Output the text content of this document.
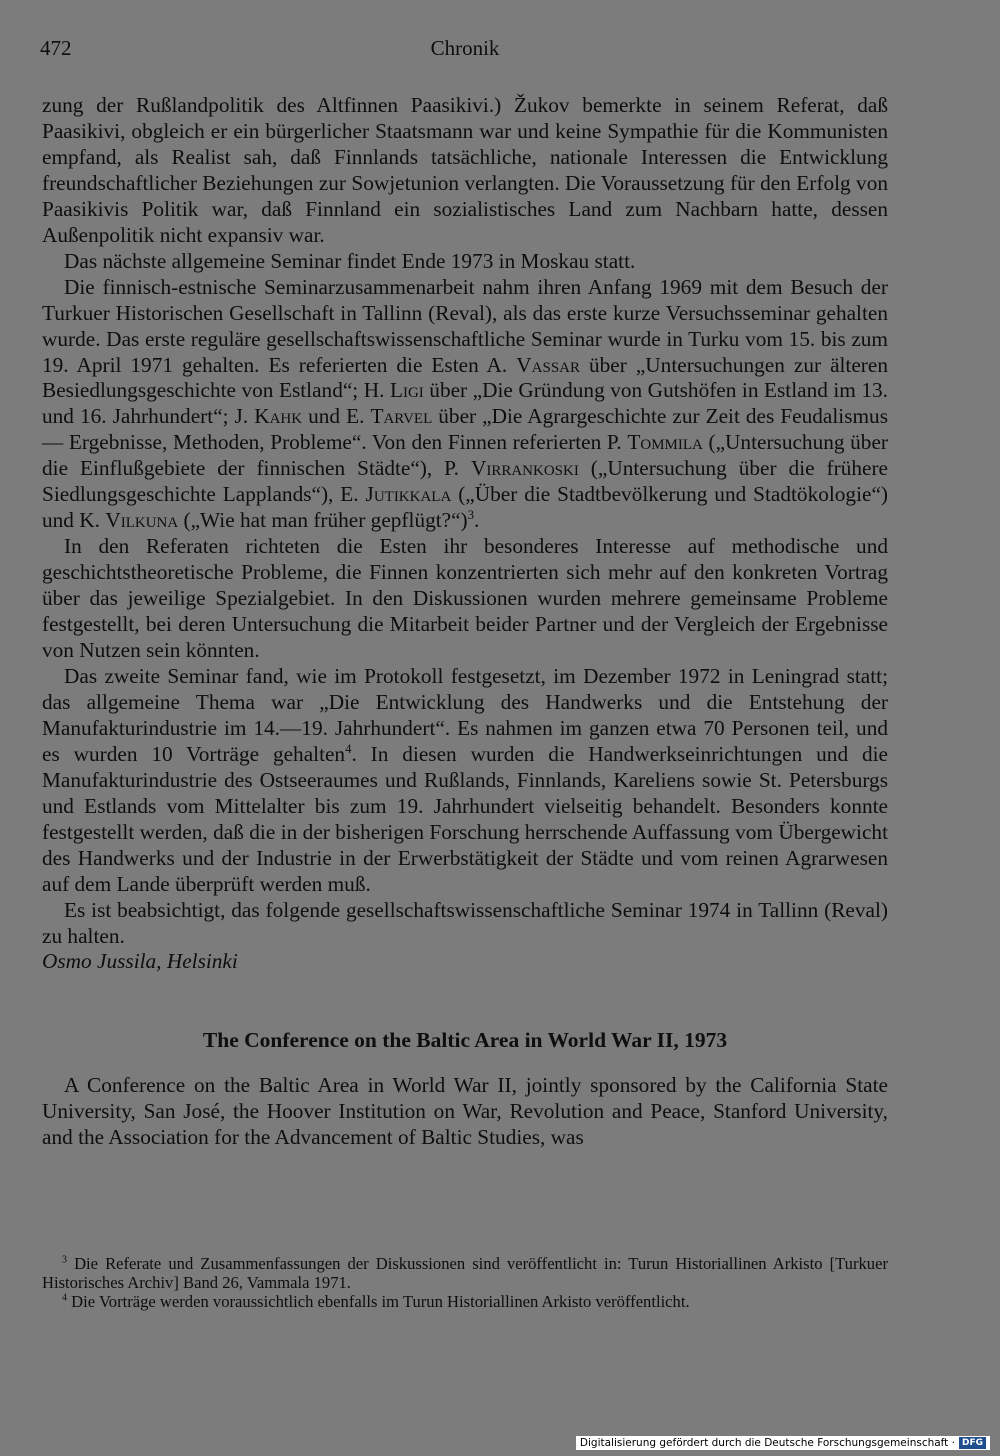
472	Chronik

zung der Rußlandpolitik des Altfinnen Paasikivi.) Žukov bemerkte in seinem Referat, daß Paasikivi, obgleich er ein bürgerlicher Staatsmann war und keine Sympathie für die Kommunisten empfand, als Realist sah, daß Finnlands tatsächliche, nationale Interessen die Entwicklung freundschaftlicher Beziehungen zur Sowjetunion verlangten. Die Voraussetzung für den Erfolg von Paasikivis Politik war, daß Finnland ein sozialistisches Land zum Nachbarn hatte, dessen Außenpolitik nicht expansiv war.

Das nächste allgemeine Seminar findet Ende 1973 in Moskau statt.

Die finnisch-estnische Seminarzusammenarbeit nahm ihren Anfang 1969 mit dem Besuch der Turkuer Historischen Gesellschaft in Tallinn (Reval), als das erste kurze Versuchsseminar gehalten wurde. Das erste reguläre gesellschaftswissenschaftliche Seminar wurde in Turku vom 15. bis zum 19. April 1971 gehalten. Es referierten die Esten A. Vassar über „Untersuchungen zur älteren Besiedlungsgeschichte von Estland“; H. Ligi über „Die Gründung von Gutshöfen in Estland im 13. und 16. Jahrhundert“; J. Kahk und E. Tarvel über „Die Agrargeschichte zur Zeit des Feudalismus — Ergebnisse, Methoden, Probleme“. Von den Finnen referierten P. Tommila („Untersuchung über die Einflußgebiete der finnischen Städte“), P. Virrankoski („Untersuchung über die frühere Siedlungsgeschichte Lapplands“), E. Jutikkala („Über die Stadtbevölkerung und Stadtökologie“) und K. Vilkuna („Wie hat man früher gepflügt?“)$^3$.

In den Referaten richteten die Esten ihr besonderes Interesse auf methodische und geschichtstheoretische Probleme, die Finnen konzentrierten sich mehr auf den konkreten Vortrag über das jeweilige Spezialgebiet. In den Diskussionen wurden mehrere gemeinsame Probleme festgestellt, bei deren Untersuchung die Mitarbeit beider Partner und der Vergleich der Ergebnisse von Nutzen sein könnten.

Das zweite Seminar fand, wie im Protokoll festgesetzt, im Dezember 1972 in Leningrad statt; das allgemeine Thema war „Die Entwicklung des Handwerks und die Entstehung der Manufakturindustrie im 14.—19. Jahrhundert“. Es nahmen im ganzen etwa 70 Personen teil, und es wurden 10 Vorträge gehalten$^4$. In diesen wurden die Handwerkseinrichtungen und die Manufakturindustrie des Ostseeraumes und Rußlands, Finnlands, Kareliens sowie St. Petersburgs und Estlands vom Mittelalter bis zum 19. Jahrhundert vielseitig behandelt. Besonders konnte festgestellt werden, daß die in der bisherigen Forschung herrschende Auffassung vom Übergewicht des Handwerks und der Industrie in der Erwerbstätigkeit der Städte und vom reinen Agrarwesen auf dem Lande überprüft werden muß.

Es ist beabsichtigt, das folgende gesellschaftswissenschaftliche Seminar 1974 in Tallinn (Reval) zu halten.

Osmo Jussila, Helsinki

The Conference on the Baltic Area in World War II, 1973

A Conference on the Baltic Area in World War II, jointly sponsored by the California State University, San José, the Hoover Institution on War, Revolution and Peace, Stanford University, and the Association for the Advancement of Baltic Studies, was

$^3$ Die Referate und Zusammenfassungen der Diskussionen sind veröffentlicht in: Turun Historiallinen Arkisto [Turkuer Historisches Archiv] Band 26, Vammala 1971.

$^4$ Die Vorträge werden voraussichtlich ebenfalls im Turun Historiallinen Arkisto veröffentlicht.

Digitalisierung gefördert durch die Deutsche Forschungsgemeinschaft · DFG
